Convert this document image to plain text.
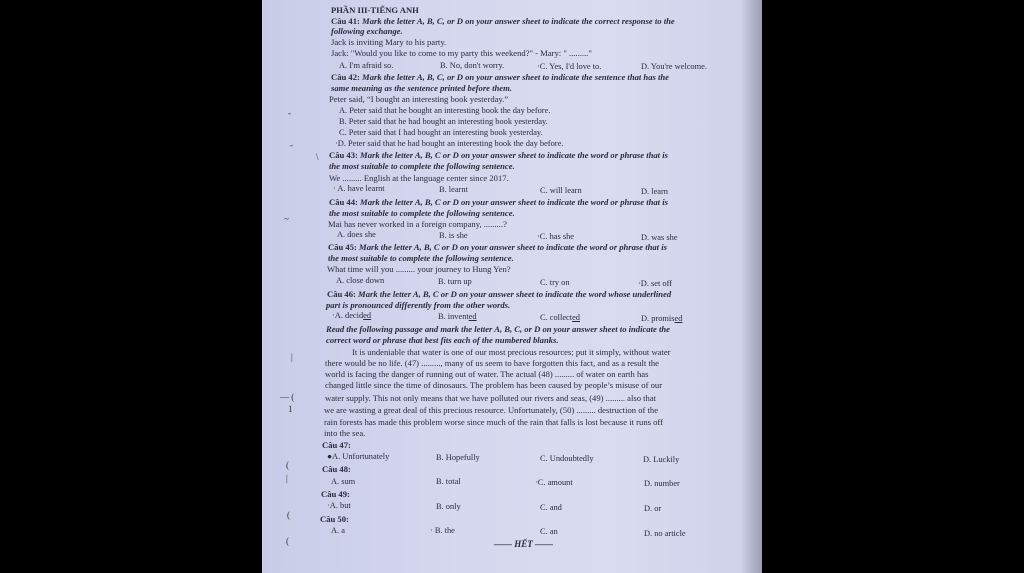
PHẦN III-TIẾNG ANH
Câu 41: Mark the letter A, B, C, or D on your answer sheet to indicate the correct response to the
following exchange.
Jack is inviting Mary to his party.
Jack: "Would you like to come to my party this weekend?" - Mary: " ........."
A. I'm afraid so.	B. No, don't worry.	·C. Yes, I'd love to.	D. You're welcome.
Câu 42: Mark the letter A, B, C, or D on your answer sheet to indicate the sentence that has the
same meaning as the sentence printed before them.
Peter said, “I bought an interesting book yesterday.”
A. Peter said that he bought an interesting book the day before.
B. Peter said that he had bought an interesting book yesterday.
C. Peter said that I had bought an interesting book yesterday.
·D. Peter said that he had bought an interesting book the day before.
Câu 43: Mark the letter A, B, C or D on your answer sheet to indicate the word or phrase that is
the most suitable to complete the following sentence.
We ......... English at the language center since 2017.
· A. have learnt	B. learnt	C. will learn	D. learn
Câu 44: Mark the letter A, B, C or D on your answer sheet to indicate the word or phrase that is
the most suitable to complete the following sentence.
Mai has never worked in a foreign company, .........?
A. does she	B. is she	·C. has she	D. was she
Câu 45: Mark the letter A, B, C or D on your answer sheet to indicate the word or phrase that is
the most suitable to complete the following sentence.
What time will you ......... your journey to Hung Yen?
A. close down	B. turn up	C. try on	·D. set off
Câu 46: Mark the letter A, B, C or D on your answer sheet to indicate the word whose underlined
part is pronounced differently from the other words.
·A. decided	B. invented	C. collected	D. promised
Read the following passage and mark the letter A, B, C, or D on your answer sheet to indicate the
correct word or phrase that best fits each of the numbered blanks.
It is undeniable that water is one of our most precious resources; put it simply, without water
there would be no life. (47) ........., many of us seem to have forgotten this fact, and as a result the
world is facing the danger of running out of water. The actual (48) ......... of water on earth has
changed little since the time of dinosaurs. The problem has been caused by people’s misuse of our
water supply. This not only means that we have polluted our rivers and seas, (49) ......... also that
we are wasting a great deal of this precious resource. Unfortunately, (50) ......... destruction of the
rain forests has made this problem worse since much of the rain that falls is lost because it runs off
into the sea.
Câu 47:
●A. Unfortunately	B. Hopefully	C. Undoubtedly	D. Luckily
Câu 48:
A. sum	B. total	·C. amount	D. number
Câu 49:
·A. but	B. only	C. and	D. or
Câu 50:
A. a	· B. the	C. an	D. no article
—— HẾT ——
-
-
\
~
|
— (
1
(
|
(
(
